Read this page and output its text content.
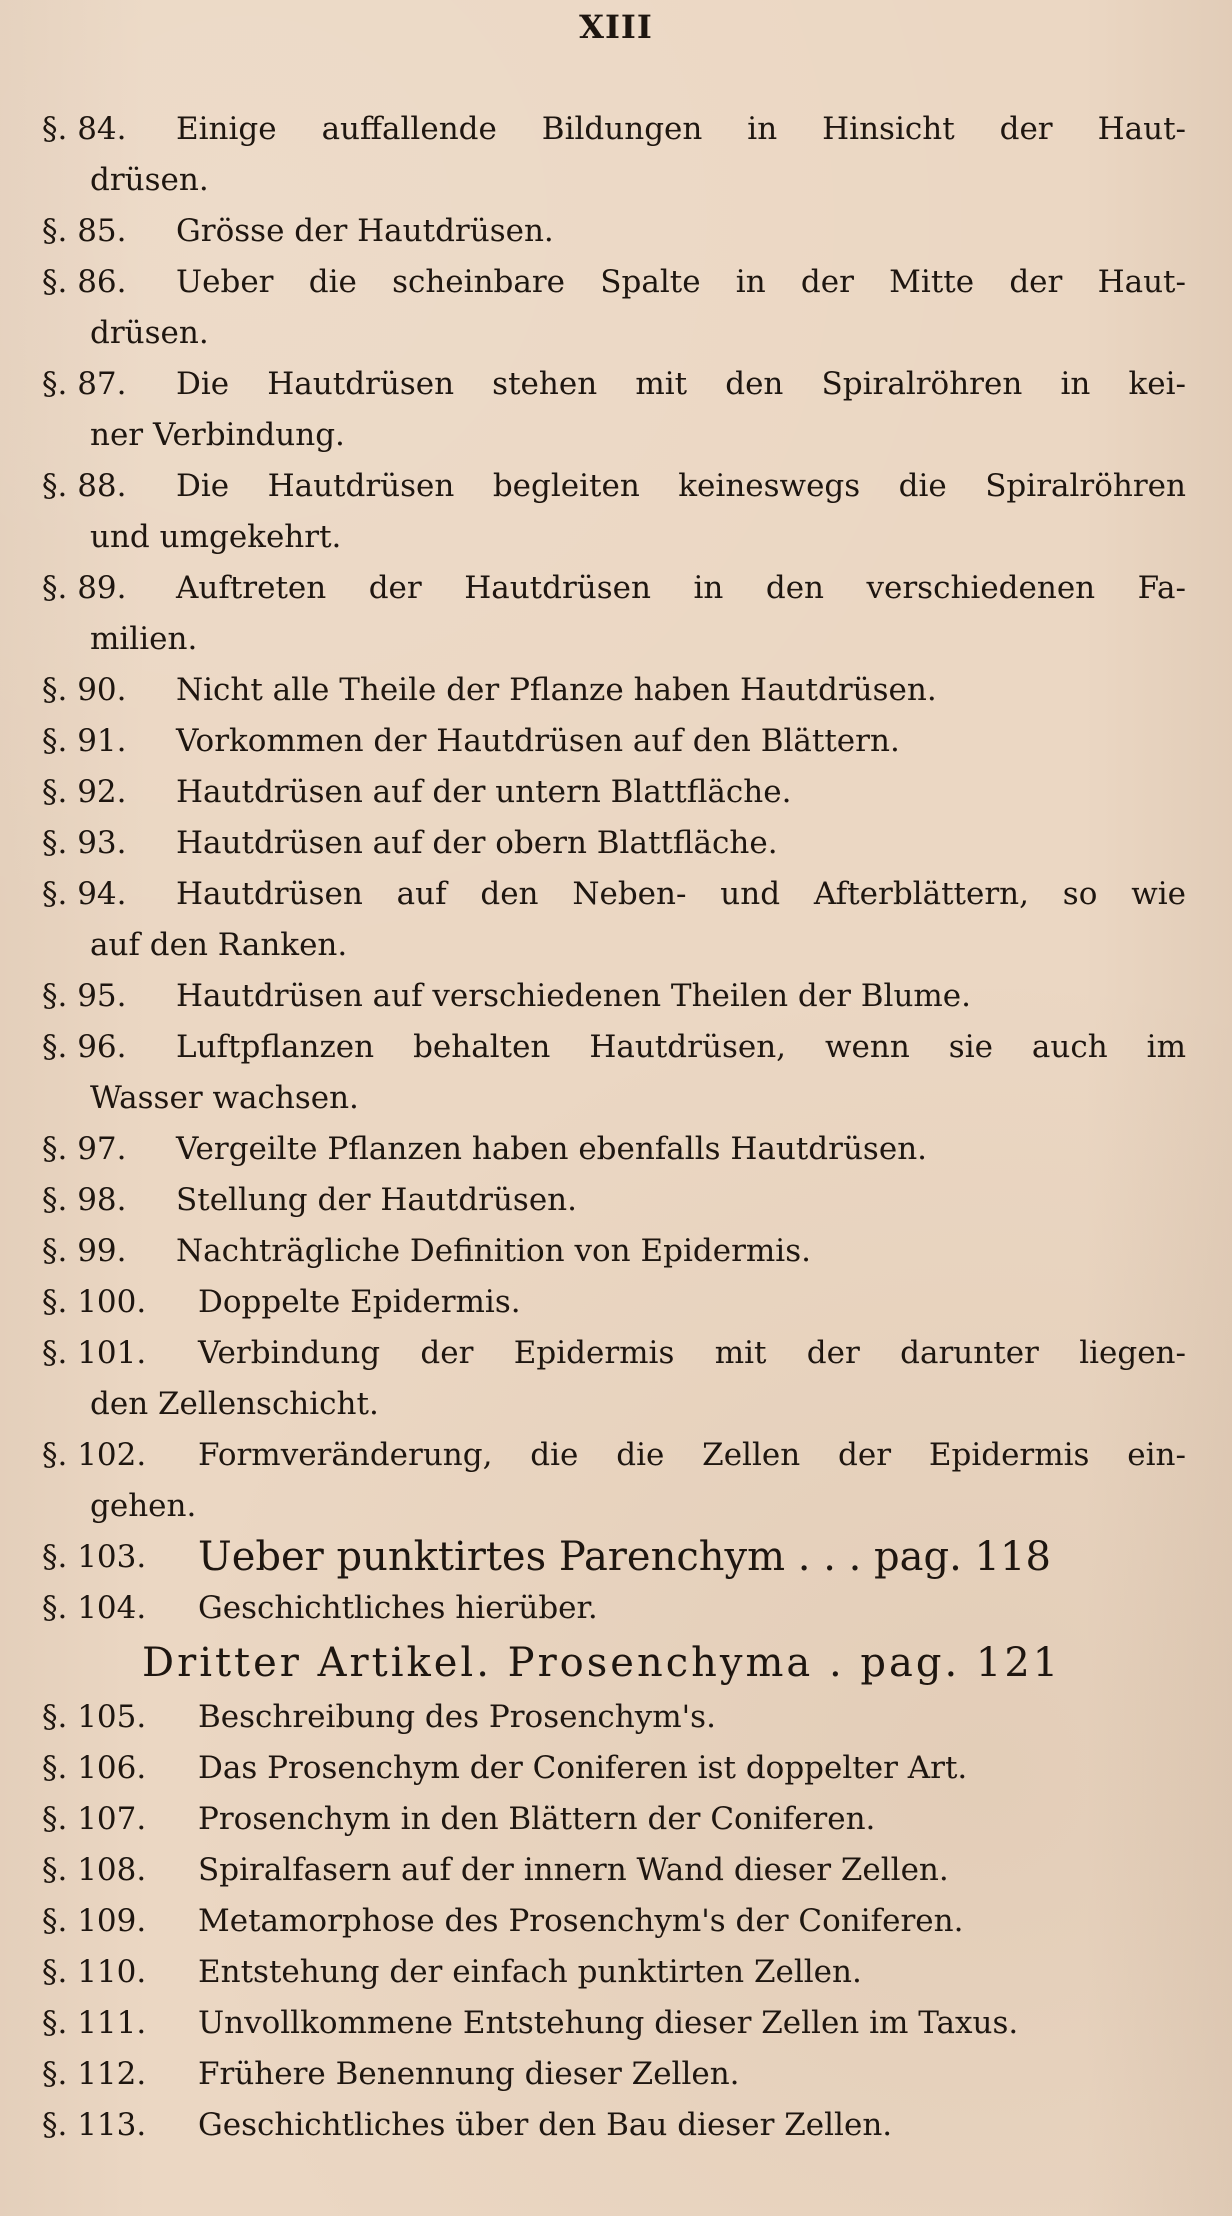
XIII
§. 84. Einige auffallende Bildungen in Hinsicht der Haut-
drüsen.
§. 85. Grösse der Hautdrüsen.
§. 86. Ueber die scheinbare Spalte in der Mitte der Haut-
drüsen.
§. 87. Die Hautdrüsen stehen mit den Spiralröhren in kei-
ner Verbindung.
§. 88. Die Hautdrüsen begleiten keineswegs die Spiralröhren
und umgekehrt.
§. 89. Auftreten der Hautdrüsen in den verschiedenen Fa-
milien.
§. 90. Nicht alle Theile der Pflanze haben Hautdrüsen.
§. 91. Vorkommen der Hautdrüsen auf den Blättern.
§. 92. Hautdrüsen auf der untern Blattfläche.
§. 93. Hautdrüsen auf der obern Blattfläche.
§. 94. Hautdrüsen auf den Neben- und Afterblättern, so wie
auf den Ranken.
§. 95. Hautdrüsen auf verschiedenen Theilen der Blume.
§. 96. Luftpflanzen behalten Hautdrüsen, wenn sie auch im
Wasser wachsen.
§. 97. Vergeilte Pflanzen haben ebenfalls Hautdrüsen.
§. 98. Stellung der Hautdrüsen.
§. 99. Nachträgliche Definition von Epidermis.
§. 100. Doppelte Epidermis.
§. 101. Verbindung der Epidermis mit der darunter liegen-
den Zellenschicht.
§. 102. Formveränderung, die die Zellen der Epidermis ein-
gehen.
§. 103. Ueber punktirtes Parenchym . . . pag. 118
§. 104. Geschichtliches hierüber.
Dritter Artikel. Prosenchyma . pag. 121
§. 105. Beschreibung des Prosenchym's.
§. 106. Das Prosenchym der Coniferen ist doppelter Art.
§. 107. Prosenchym in den Blättern der Coniferen.
§. 108. Spiralfasern auf der innern Wand dieser Zellen.
§. 109. Metamorphose des Prosenchym's der Coniferen.
§. 110. Entstehung der einfach punktirten Zellen.
§. 111. Unvollkommene Entstehung dieser Zellen im Taxus.
§. 112. Frühere Benennung dieser Zellen.
§. 113. Geschichtliches über den Bau dieser Zellen.
